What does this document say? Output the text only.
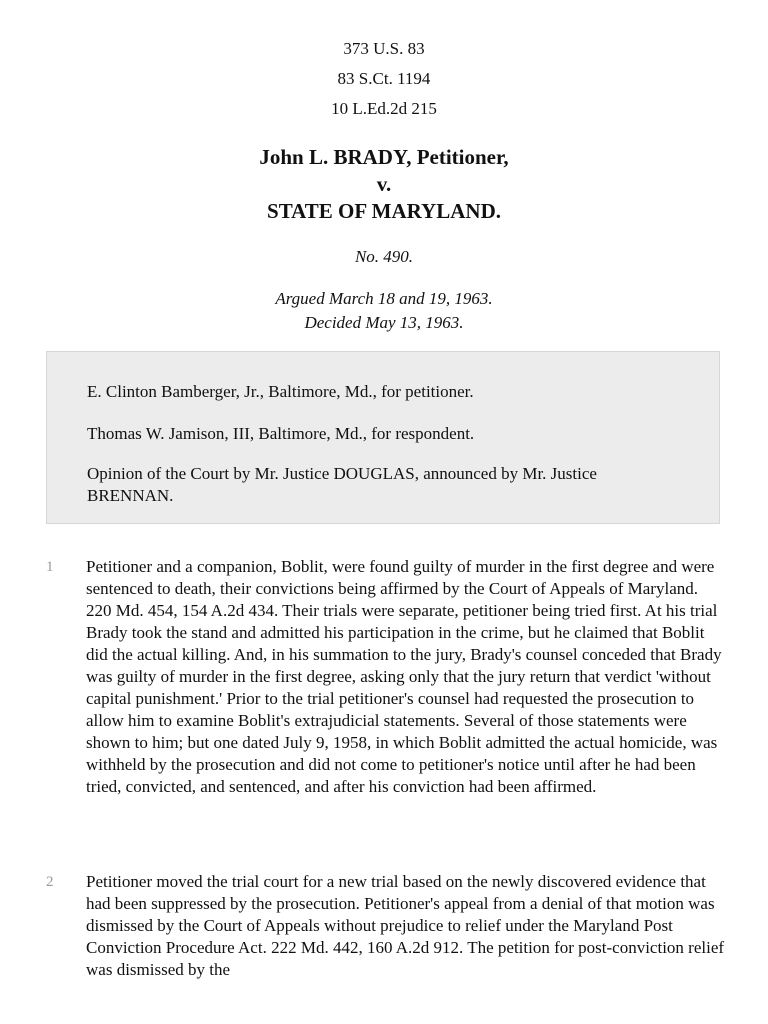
373 U.S. 83
83 S.Ct. 1194
10 L.Ed.2d 215
John L. BRADY, Petitioner,
v.
STATE OF MARYLAND.
No. 490.
Argued March 18 and 19, 1963.
Decided May 13, 1963.
E. Clinton Bamberger, Jr., Baltimore, Md., for petitioner.
Thomas W. Jamison, III, Baltimore, Md., for respondent.
Opinion of the Court by Mr. Justice DOUGLAS, announced by Mr. Justice BRENNAN.
1 Petitioner and a companion, Boblit, were found guilty of murder in the first degree and were sentenced to death, their convictions being affirmed by the Court of Appeals of Maryland. 220 Md. 454, 154 A.2d 434. Their trials were separate, petitioner being tried first. At his trial Brady took the stand and admitted his participation in the crime, but he claimed that Boblit did the actual killing. And, in his summation to the jury, Brady's counsel conceded that Brady was guilty of murder in the first degree, asking only that the jury return that verdict 'without capital punishment.' Prior to the trial petitioner's counsel had requested the prosecution to allow him to examine Boblit's extrajudicial statements. Several of those statements were shown to him; but one dated July 9, 1958, in which Boblit admitted the actual homicide, was withheld by the prosecution and did not come to petitioner's notice until after he had been tried, convicted, and sentenced, and after his conviction had been affirmed.
2 Petitioner moved the trial court for a new trial based on the newly discovered evidence that had been suppressed by the prosecution. Petitioner's appeal from a denial of that motion was dismissed by the Court of Appeals without prejudice to relief under the Maryland Post Conviction Procedure Act. 222 Md. 442, 160 A.2d 912. The petition for post-conviction relief was dismissed by the
